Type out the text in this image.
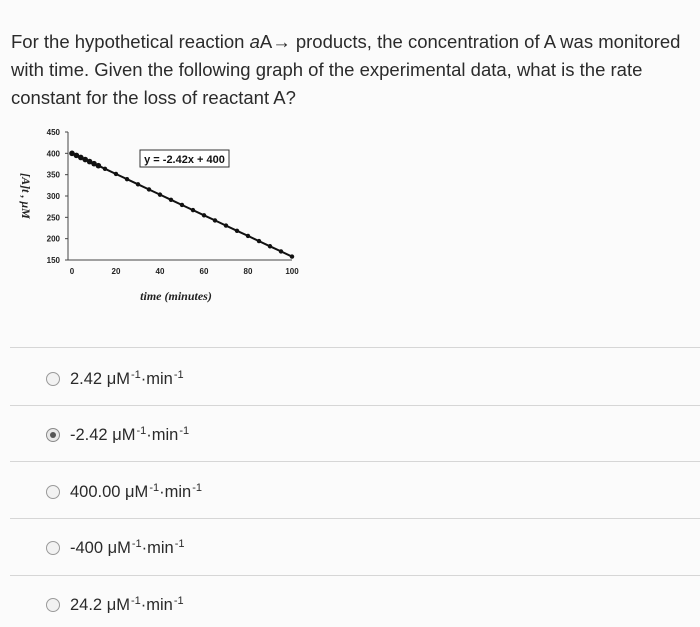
For the hypothetical reaction aA→ products, the concentration of A was monitored with time. Given the following graph of the experimental data, what is the rate constant for the loss of reactant A?
450
400
350
300
250
200
150
0	20	40	60	80	100
y = -2.42x + 400
time (minutes)
[A]t , μM
2.42 $\mu M^{-1}\cdot\min^{-1}$
-2.42 $\mu M^{-1}\cdot\min^{-1}$
400.00 $\mu M^{-1}\cdot\min^{-1}$
-400 $\mu M^{-1}\cdot\min^{-1}$
24.2 $\mu M^{-1}\cdot\min^{-1}$
